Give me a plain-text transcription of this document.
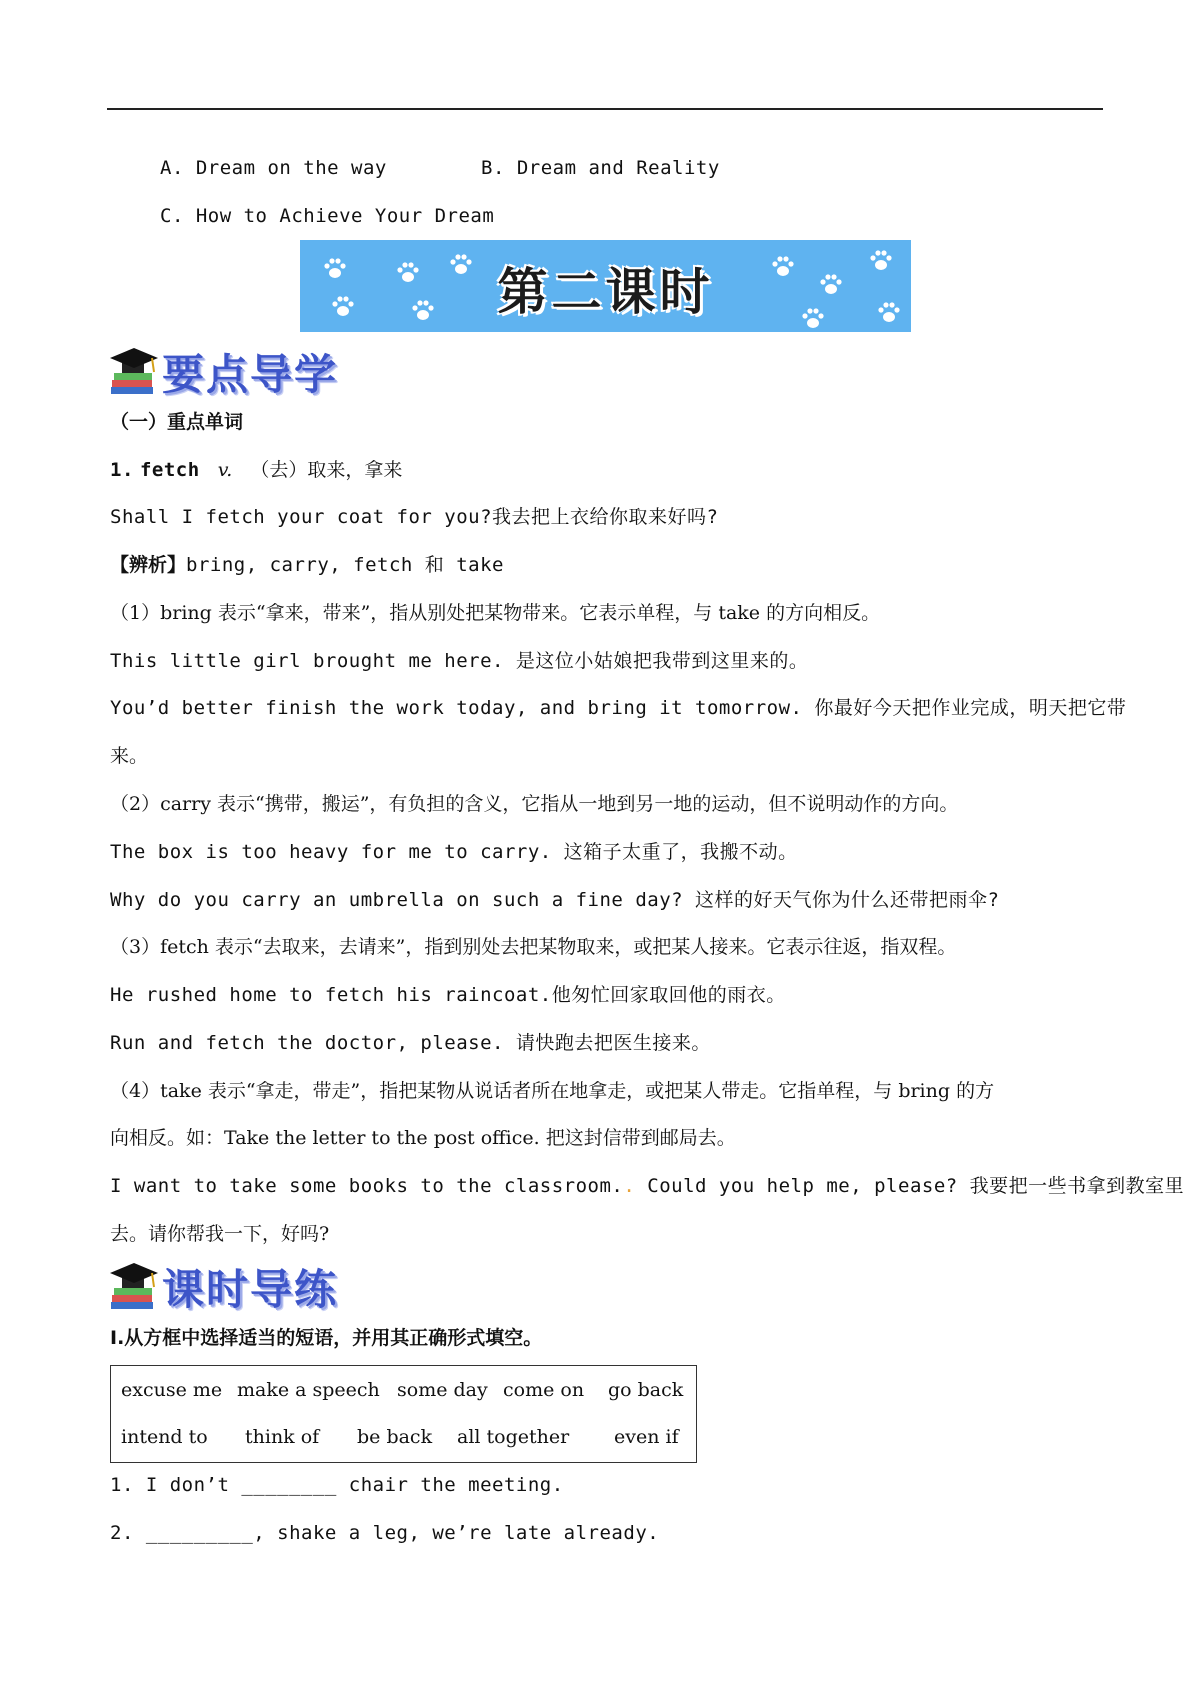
A. Dream on the way	B. Dream and Reality
C. How to Achieve Your Dream
第二课时
要点导学
（一）重点单词
1. fetch v. （去）取来，拿来
Shall I fetch your coat for you?我去把上衣给你取来好吗?
【辨析】bring, carry, fetch 和 take
（1）bring 表示“拿来，带来”，指从别处把某物带来。它表示单程，与 take 的方向相反。
This little girl brought me here. 是这位小姑娘把我带到这里来的。
You’d better finish the work today, and bring it tomorrow. 你最好今天把作业完成，明天把它带
来。
（2）carry 表示“携带，搬运”，有负担的含义，它指从一地到另一地的运动，但不说明动作的方向。
The box is too heavy for me to carry. 这箱子太重了，我搬不动。
Why do you carry an umbrella on such a fine day? 这样的好天气你为什么还带把雨伞?
（3）fetch 表示“去取来，去请来”，指到别处去把某物取来，或把某人接来。它表示往返，指双程。
He rushed home to fetch his raincoat.他匆忙回家取回他的雨衣。
Run and fetch the doctor, please. 请快跑去把医生接来。
（4）take 表示“拿走，带走”，指把某物从说话者所在地拿走，或把某人带走。它指单程，与 bring 的方
向相反。如：Take the letter to the post office. 把这封信带到邮局去。
I want to take some books to the classroom.. Could you help me, please? 我要把一些书拿到教室里
去。请你帮我一下，好吗?
课时导练
Ⅰ.从方框中选择适当的短语，并用其正确形式填空。
excuse me make a speech some day come on go back
intend to think of be back all together even if
1. I don’t ________ chair the meeting.
2. _________, shake a leg, we’re late already.
